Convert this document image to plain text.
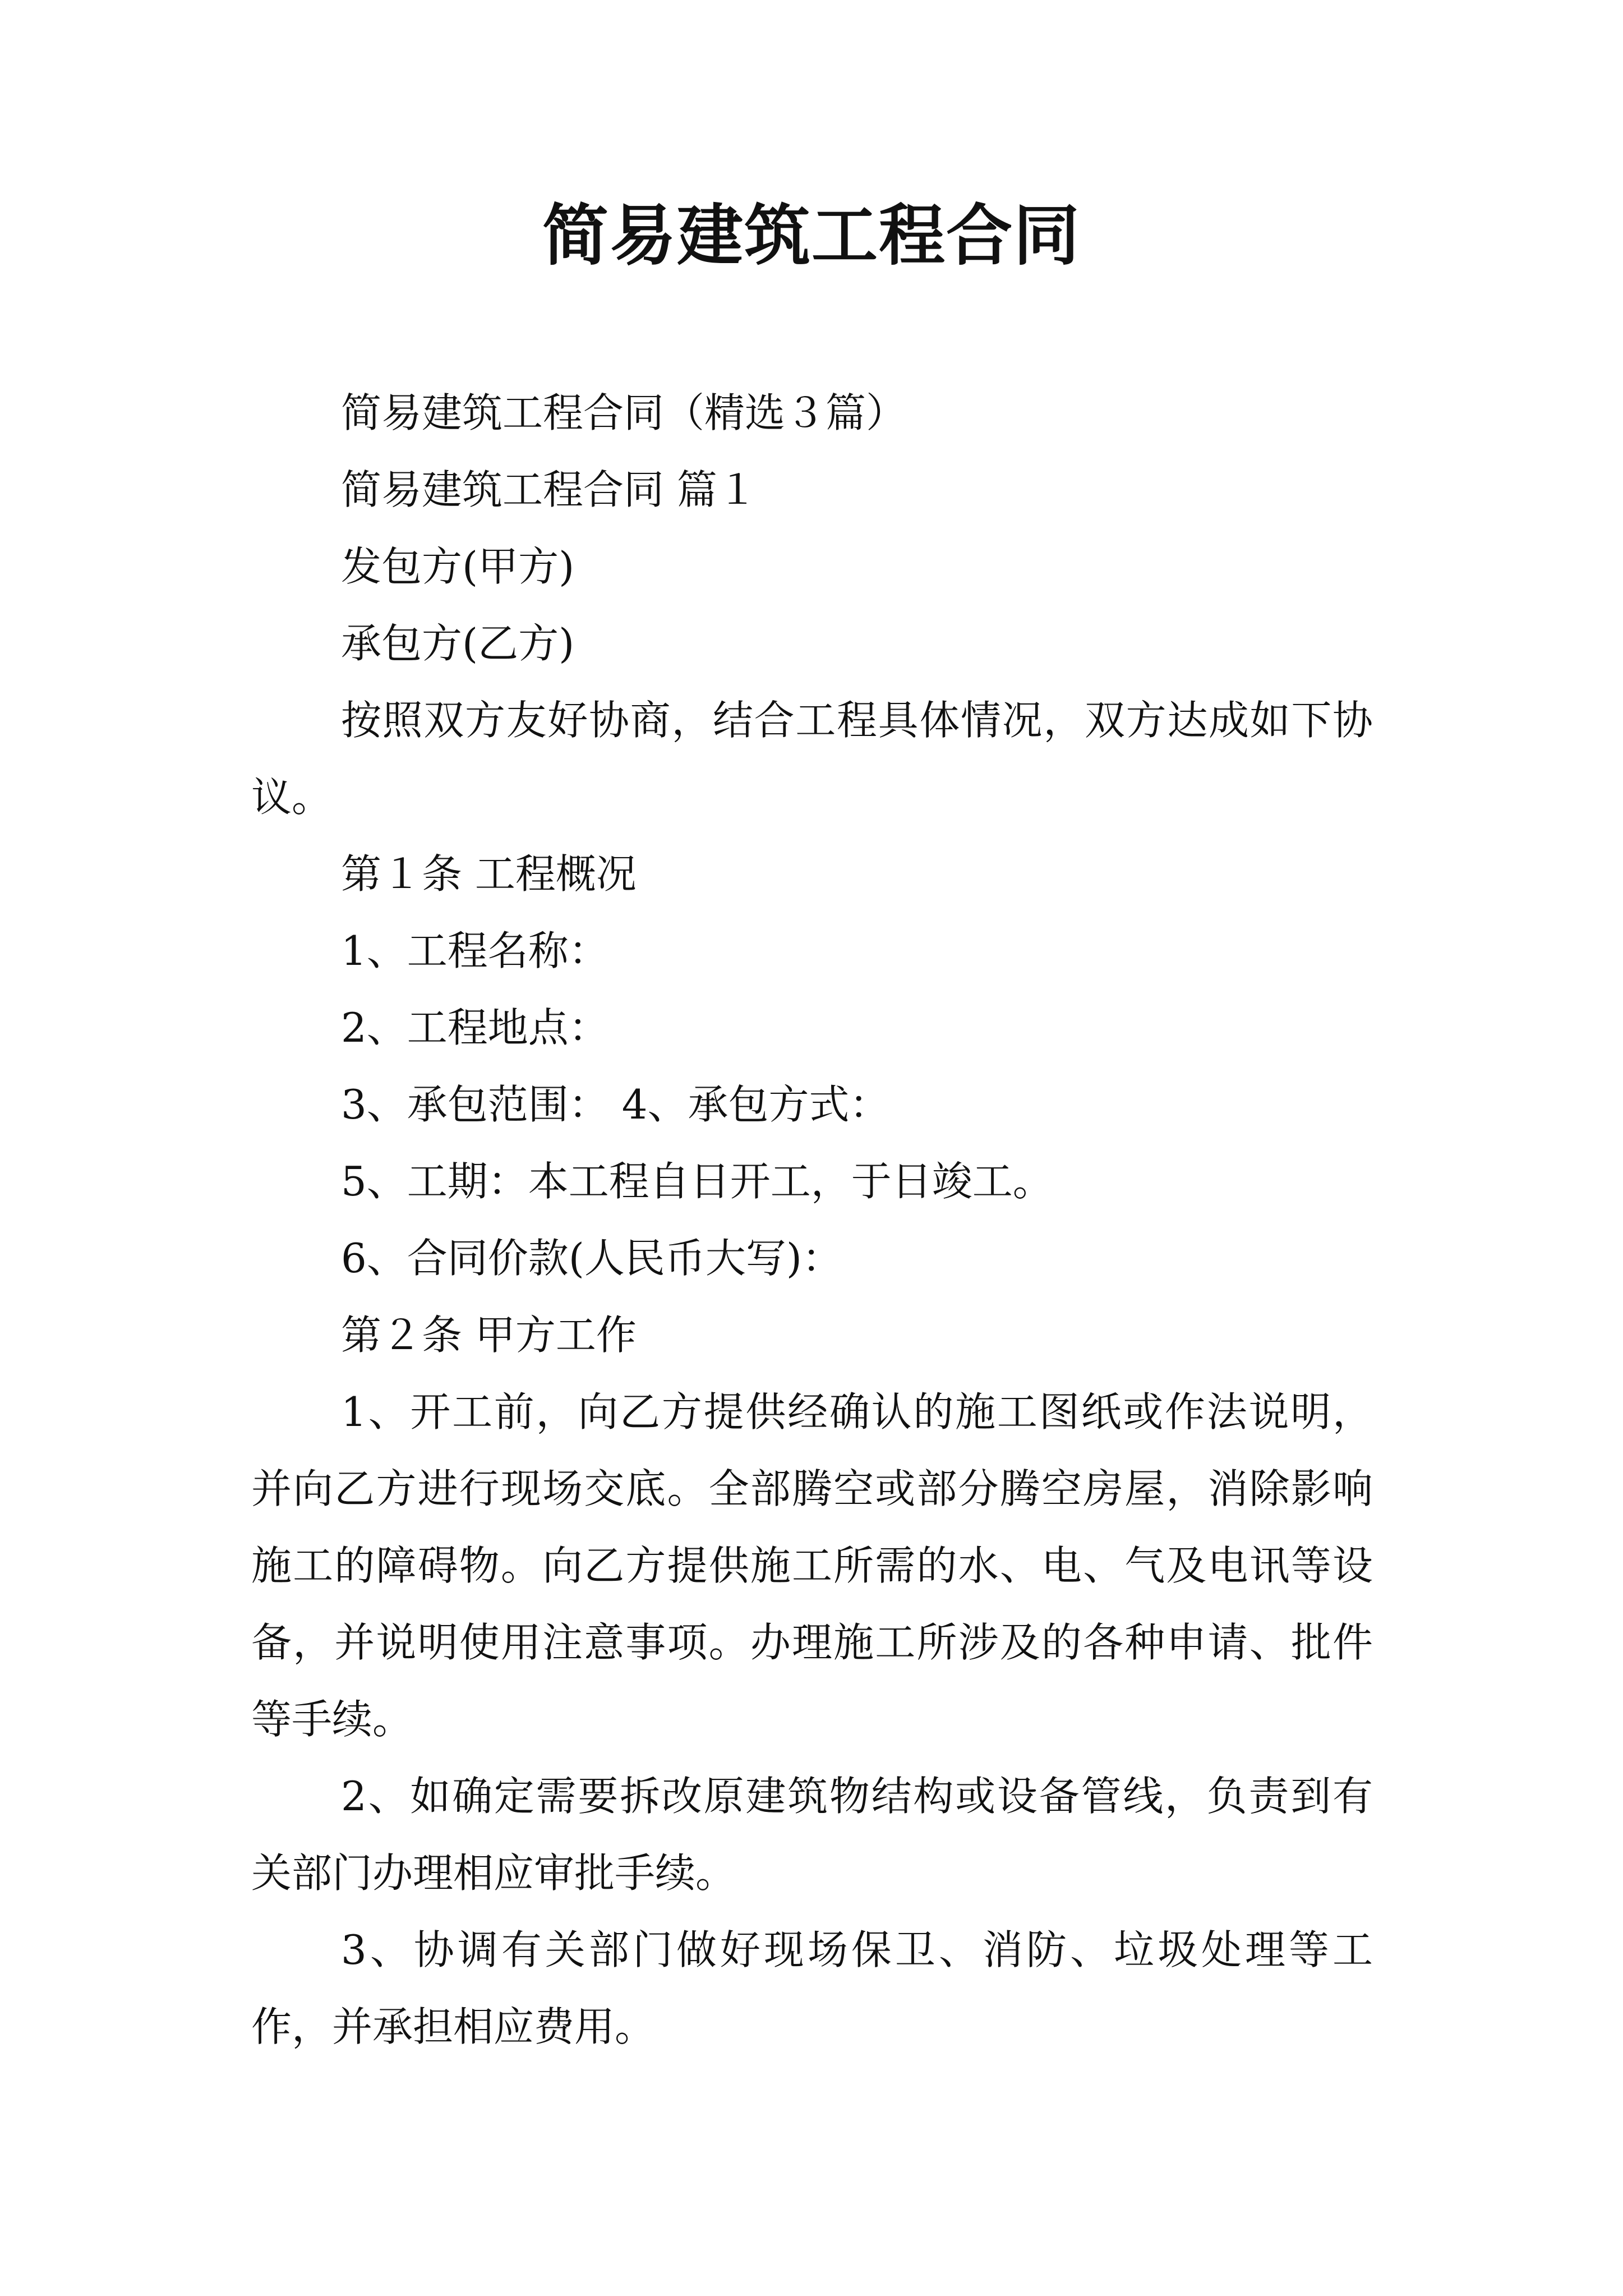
简易建筑工程合同

简易建筑工程合同（精选３篇）

简易建筑工程合同 篇１

发包方(甲方)

承包方(乙方)

按照双方友好协商，结合工程具体情况，双方达成如下协议。

第１条 工程概况

1、工程名称：

2、工程地点：

3、承包范围： 4、承包方式：

5、工期：本工程自日开工，于日竣工。

6、合同价款(人民币大写)：

第２条 甲方工作

1、开工前，向乙方提供经确认的施工图纸或作法说明，并向乙方进行现场交底。全部腾空或部分腾空房屋，消除影响施工的障碍物。向乙方提供施工所需的水、电、气及电讯等设备，并说明使用注意事项。办理施工所涉及的各种申请、批件等手续。

2、如确定需要拆改原建筑物结构或设备管线，负责到有关部门办理相应审批手续。

3、协调有关部门做好现场保卫、消防、垃圾处理等工作，并承担相应费用。
